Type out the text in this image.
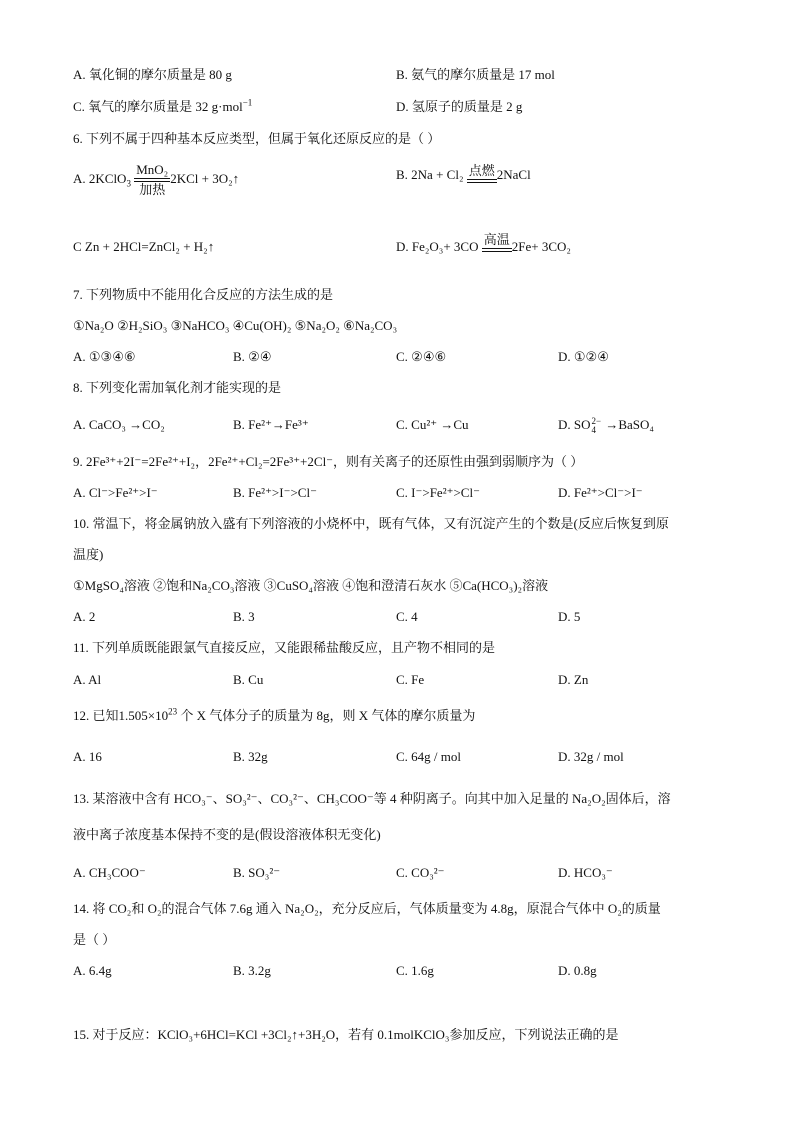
A. 氧化铜的摩尔质量是 80 g	B. 氨气的摩尔质量是 17 mol
C. 氧气的摩尔质量是 32 g·mol$^{-1}$	D. 氢原子的质量是 2 g
6. 下列不属于四种基本反应类型，但属于氧化还原反应的是（ ）
A. 2KClO$_3$
MnO₂
加热
2KCl + 3O₂↑	B. 2Na + Cl₂ 点燃 2NaCl
C Zn + 2HCl=ZnCl₂ + H₂↑	D. Fe₂O₃+ 3CO 高温 2Fe+ 3CO₂
7. 下列物质中不能用化合反应的方法生成的是
①Na₂O ②H₂SiO₃ ③NaHCO₃ ④Cu(OH)₂ ⑤Na₂O₂ ⑥Na₂CO₃
A. ①③④⑥	B. ②④	C. ②④⑥	D. ①②④
8. 下列变化需加氧化剂才能实现的是
A. CaCO₃ →CO₂	B. Fe²⁺→Fe³⁺	C. Cu²⁺ →Cu	D. SO 2−
4 →BaSO₄
9. 2Fe³⁺+2I⁻=2Fe²⁺+I₂，2Fe²⁺+Cl₂=2Fe³⁺+2Cl⁻，则有关离子的还原性由强到弱顺序为（ ）
A. Cl⁻>Fe²⁺>I⁻	B. Fe²⁺>I⁻>Cl⁻	C. I⁻>Fe²⁺>Cl⁻	D. Fe²⁺>Cl⁻>I⁻
10. 常温下，将金属钠放入盛有下列溶液的小烧杯中，既有气体，又有沉淀产生的个数是(反应后恢复到原
温度)
①MgSO₄溶液 ②饱和Na₂CO₃溶液 ③CuSO₄溶液 ④饱和澄清石灰水 ⑤Ca(HCO₃)₂溶液
A. 2	B. 3	C. 4	D. 5
11. 下列单质既能跟氯气直接反应，又能跟稀盐酸反应，且产物不相同的是
A. Al	B. Cu	C. Fe	D. Zn
12. 已知$1.505\times 10^{23}$ 个 X 气体分子的质量为 8g，则 X 气体的摩尔质量为
A. 16	B. 32g	C. 64g / mol	D. 32g / mol
13. 某溶液中含有 HCO₃⁻、SO₃²⁻、CO₃²⁻、CH₃COO⁻等 4 种阴离子。向其中加入足量的 Na₂O₂固体后，溶
液中离子浓度基本保持不变的是(假设溶液体积无变化)
A. CH₃COO⁻	B. SO₃²⁻	C. CO₃²⁻	D. HCO₃⁻
14. 将 CO₂和 O₂的混合气体 7.6g 通入 Na₂O₂，充分反应后，气体质量变为 4.8g，原混合气体中 O₂的质量
是（ ）
A. 6.4g	B. 3.2g	C. 1.6g	D. 0.8g
15. 对于反应：KClO₃+6HCl=KCl +3Cl₂↑+3H₂O，若有 0.1molKClO₃参加反应，下列说法正确的是
